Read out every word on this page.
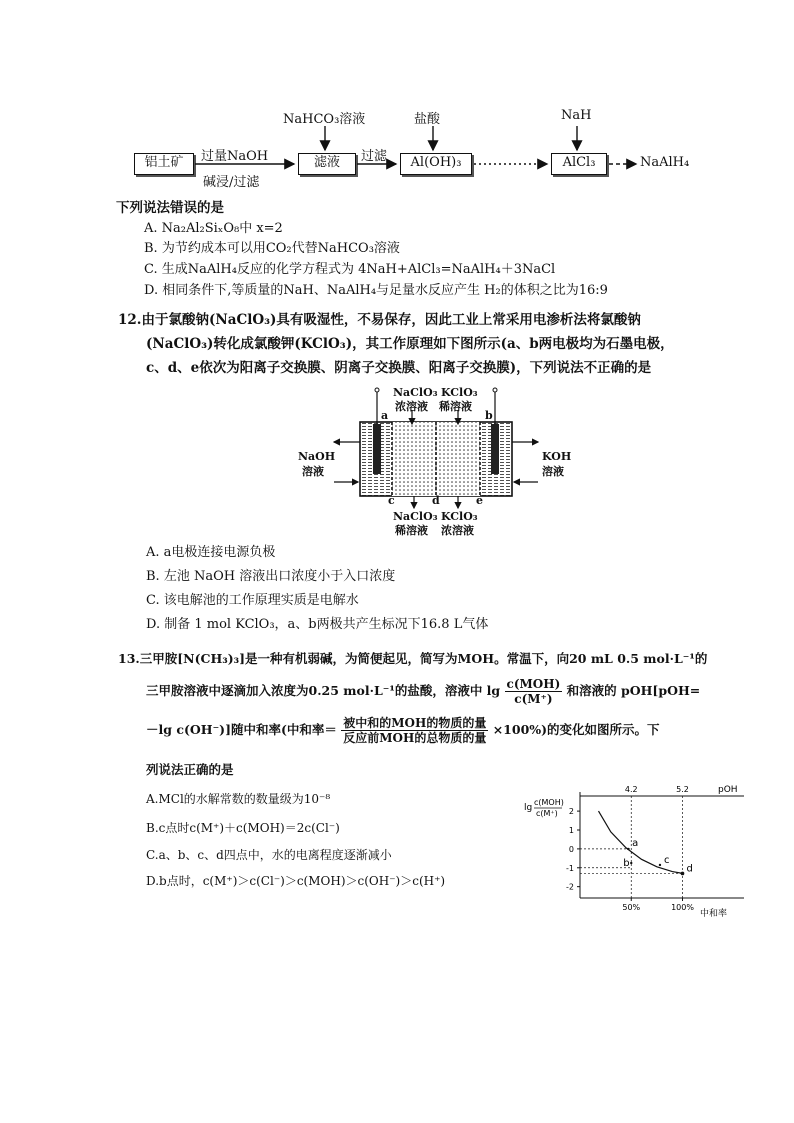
铝土矿	过量NaOH
碱浸/过滤
滤液
NaHCO₃溶液
过滤	Al(OH)₃
盐酸
AlCl₃
NaH
NaAlH₄
下列说法错误的是
A. Na₂Al₂SiₓO₈中 x=2
B. 为节约成本可以用CO₂代替NaHCO₃溶液
C. 生成NaAlH₄反应的化学方程式为 4NaH+AlCl₃=NaAlH₄＋3NaCl
D. 相同条件下,等质量的NaH、NaAlH₄与足量水反应产生 H₂的体积之比为16:9
12.由于氯酸钠(NaClO₃)具有吸湿性，不易保存，因此工业上常采用电渗析法将氯酸钠
(NaClO₃)转化成氯酸钾(KClO₃)，其工作原理如下图所示(a、b两电极均为石墨电极，
c、d、e依次为阳离子交换膜、阴离子交换膜、阳离子交换膜)，下列说法不正确的是
NaClO₃
浓溶液
KClO₃
稀溶液
a	b
NaOH
溶液
KOH
溶液
c	d	e
NaClO₃
稀溶液
KClO₃
浓溶液
A. a电极连接电源负极
B. 左池 NaOH 溶液出口浓度小于入口浓度
C. 该电解池的工作原理实质是电解水
D. 制备 1 mol KClO₃，a、b两极共产生标况下16.8 L气体
13.三甲胺[N(CH₃)₃]是一种有机弱碱，为简便起见，简写为MOH。常温下，向20 mL 0.5 mol·L⁻¹的
三甲胺溶液中逐滴加入浓度为0.25 mol·L⁻¹的盐酸，溶液中 $\lg \frac{\text{c(MOH)}}{c(M^+)}$ 和溶液的 pOH[pOH=
－lg c(OH⁻)]随中和率(中和率＝ $\frac{\text{被中和的MOH的物质的量}}{\text{反应前MOH的总物质的量}} \times 100\%$)的变化如图所示。下
列说法正确的是
A.MCl的水解常数的数量级为10⁻⁸
B.c点时c(M⁺)＋c(MOH)＝2c(Cl⁻)
C.a、b、c、d四点中，水的电离程度逐渐减小
D.b点时，c(M⁺)＞c(Cl⁻)＞c(MOH)＞c(OH⁻)＞c(H⁺)
lg
c(MOH)
c(M⁺)
pOH
中和率
2
1
0
-1
-2
50%	100%
4.2	5.2
a
b	c
d
